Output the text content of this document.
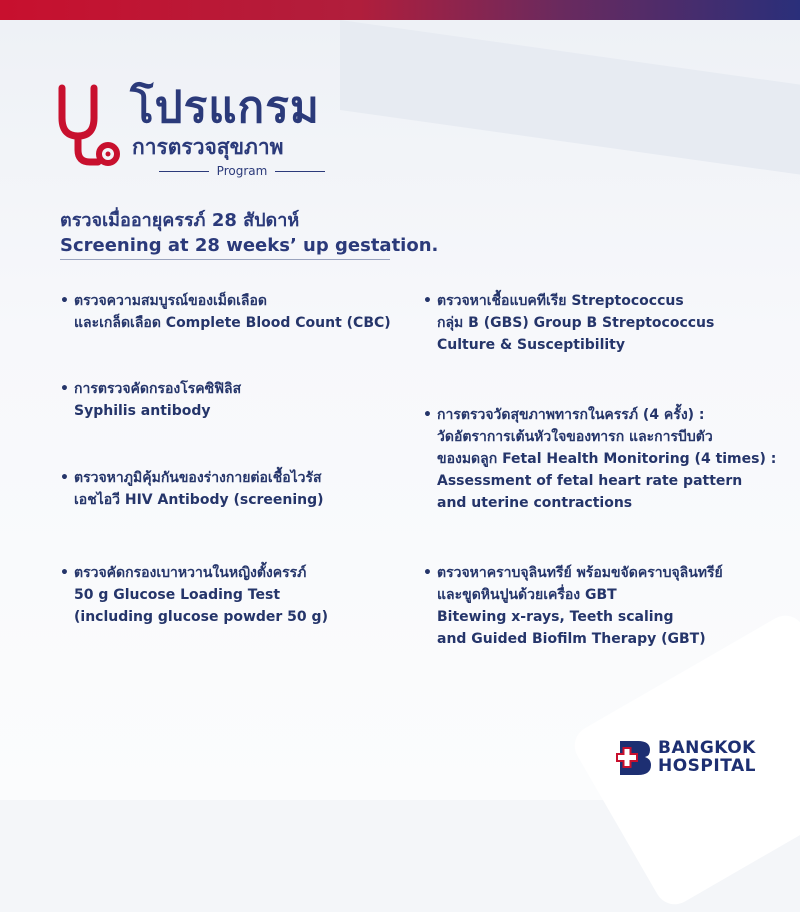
โปรแกรม
การตรวจสุขภาพ
Program
ตรวจเมื่ออายุครรภ์ 28 สัปดาห์
Screening at 28 weeks’ up gestation.
• ตรวจความสมบูรณ์ของเม็ดเลือด
และเกล็ดเลือด Complete Blood Count (CBC)
• การตรวจคัดกรองโรคซิฟิลิส
Syphilis antibody
• ตรวจหาภูมิคุ้มกันของร่างกายต่อเชื้อไวรัส
เอชไอวี HIV Antibody (screening)
• ตรวจคัดกรองเบาหวานในหญิงตั้งครรภ์
50 g Glucose Loading Test
(including glucose powder 50 g)
• ตรวจหาเชื้อแบคทีเรีย Streptococcus
กลุ่ม B (GBS) Group B Streptococcus
Culture & Susceptibility
• การตรวจวัดสุขภาพทารกในครรภ์ (4 ครั้ง) :
วัดอัตราการเต้นหัวใจของทารก และการบีบตัว
ของมดลูก Fetal Health Monitoring (4 times) :
Assessment of fetal heart rate pattern
and uterine contractions
• ตรวจหาคราบจุลินทรีย์ พร้อมขจัดคราบจุลินทรีย์
และขูดหินปูนด้วยเครื่อง GBT
Bitewing x-rays, Teeth scaling
and Guided Biofilm Therapy (GBT)
BANGKOK
HOSPITAL
